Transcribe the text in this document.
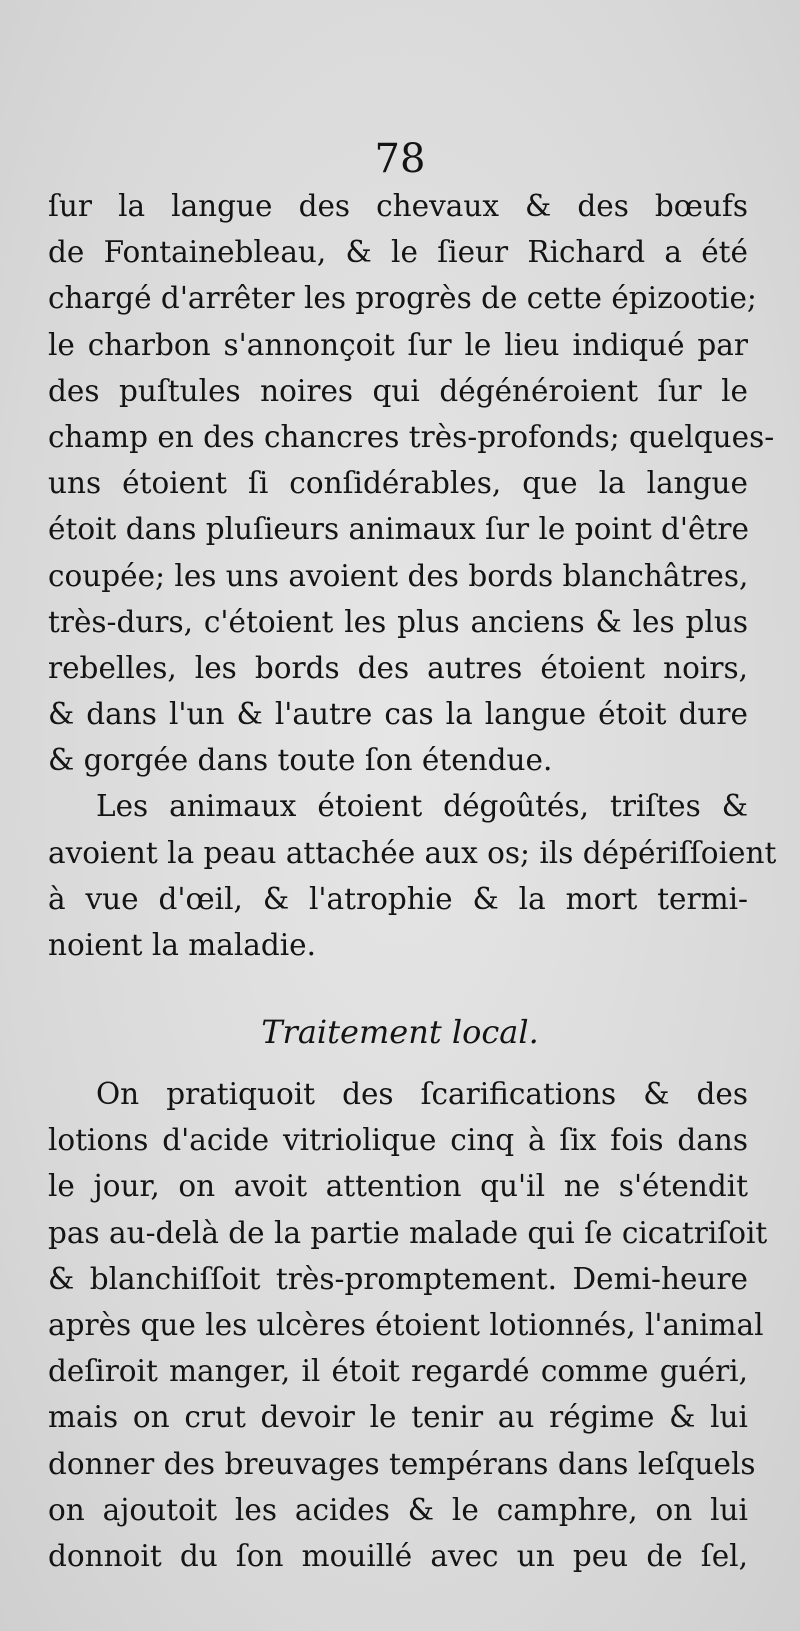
78
ſur la langue des chevaux & des bœufs
de Fontainebleau, & le ſieur Richard a été
chargé d'arrêter les progrès de cette épizootie;
le charbon s'annonçoit ſur le lieu indiqué par
des puſtules noires qui dégénéroient ſur le
champ en des chancres très-profonds; quelques-
uns étoient ſi conſidérables, que la langue
étoit dans pluſieurs animaux ſur le point d'être
coupée; les uns avoient des bords blanchâtres,
très-durs, c'étoient les plus anciens & les plus
rebelles, les bords des autres étoient noirs,
& dans l'un & l'autre cas la langue étoit dure
& gorgée dans toute ſon étendue.
Les animaux étoient dégoûtés, triſtes &
avoient la peau attachée aux os; ils dépériſſoient
à vue d'œil, & l'atrophie & la mort termi-
noient la maladie.
Traitement local.
On pratiquoit des ſcarifications & des
lotions d'acide vitriolique cinq à ſix fois dans
le jour, on avoit attention qu'il ne s'étendit
pas au-delà de la partie malade qui ſe cicatriſoit
& blanchiſſoit très-promptement. Demi-heure
après que les ulcères étoient lotionnés, l'animal
deſiroit manger, il étoit regardé comme guéri,
mais on crut devoir le tenir au régime & lui
donner des breuvages tempérans dans leſquels
on ajoutoit les acides & le camphre, on lui
donnoit du ſon mouillé avec un peu de ſel,
